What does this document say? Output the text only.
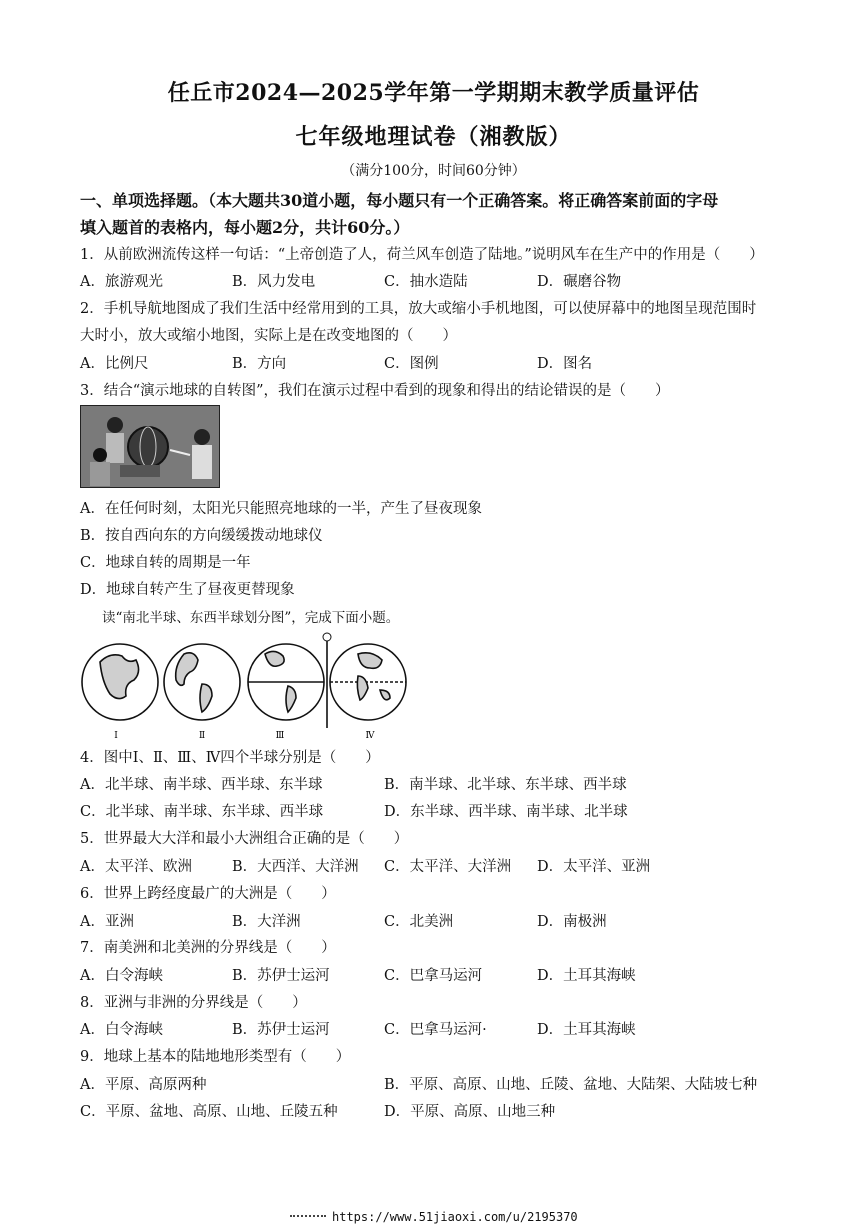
任丘市2024—2025学年第一学期期末教学质量评估
七年级地理试卷（湘教版）
（满分100分，时间60分钟）
一、单项选择题。（本大题共30道小题，每小题只有一个正确答案。将正确答案前面的字母
填入题首的表格内，每小题2分，共计60分。）
1．从前欧洲流传这样一句话：“上帝创造了人，荷兰风车创造了陆地。”说明风车在生产中的作用是（　　）
A．旅游观光	B．风力发电	C．抽水造陆	D．碾磨谷物
2．手机导航地图成了我们生活中经常用到的工具，放大或缩小手机地图，可以使屏幕中的地图呈现范围时
大时小，放大或缩小地图，实际上是在改变地图的（　　）
A．比例尺	B．方向	C．图例	D．图名
3．结合“演示地球的自转图”，我们在演示过程中看到的现象和得出的结论错误的是（　　）
A．在任何时刻，太阳光只能照亮地球的一半，产生了昼夜现象
B．按自西向东的方向缓缓拨动地球仪
C．地球自转的周期是一年
D．地球自转产生了昼夜更替现象
读“南北半球、东西半球划分图”，完成下面小题。
Ⅰ	Ⅱ	Ⅲ	Ⅳ
4．图中Ⅰ、Ⅱ、Ⅲ、Ⅳ四个半球分别是（　　）
A．北半球、南半球、西半球、东半球	B．南半球、北半球、东半球、西半球
C．北半球、南半球、东半球、西半球	D．东半球、西半球、南半球、北半球
5．世界最大大洋和最小大洲组合正确的是（　　）
A．太平洋、欧洲	B．大西洋、大洋洲 C．太平洋、大洋洲 D．太平洋、亚洲
6．世界上跨经度最广的大洲是（　　）
A．亚洲	B．大洋洲	C．北美洲	D．南极洲
7．南美洲和北美洲的分界线是（　　）
A．白令海峡	B．苏伊士运河	C．巴拿马运河	D．土耳其海峡
8．亚洲与非洲的分界线是（　　）
A．白令海峡	B．苏伊士运河	C．巴拿马运河·	D．土耳其海峡
9．地球上基本的陆地地形类型有（　　）
A．平原、高原两种	B．平原、高原、山地、丘陵、盆地、大陆架、大陆坡七种
C．平原、盆地、高原、山地、丘陵五种	D．平原、高原、山地三种
https://www.51jiaoxi.com/u/2195370
